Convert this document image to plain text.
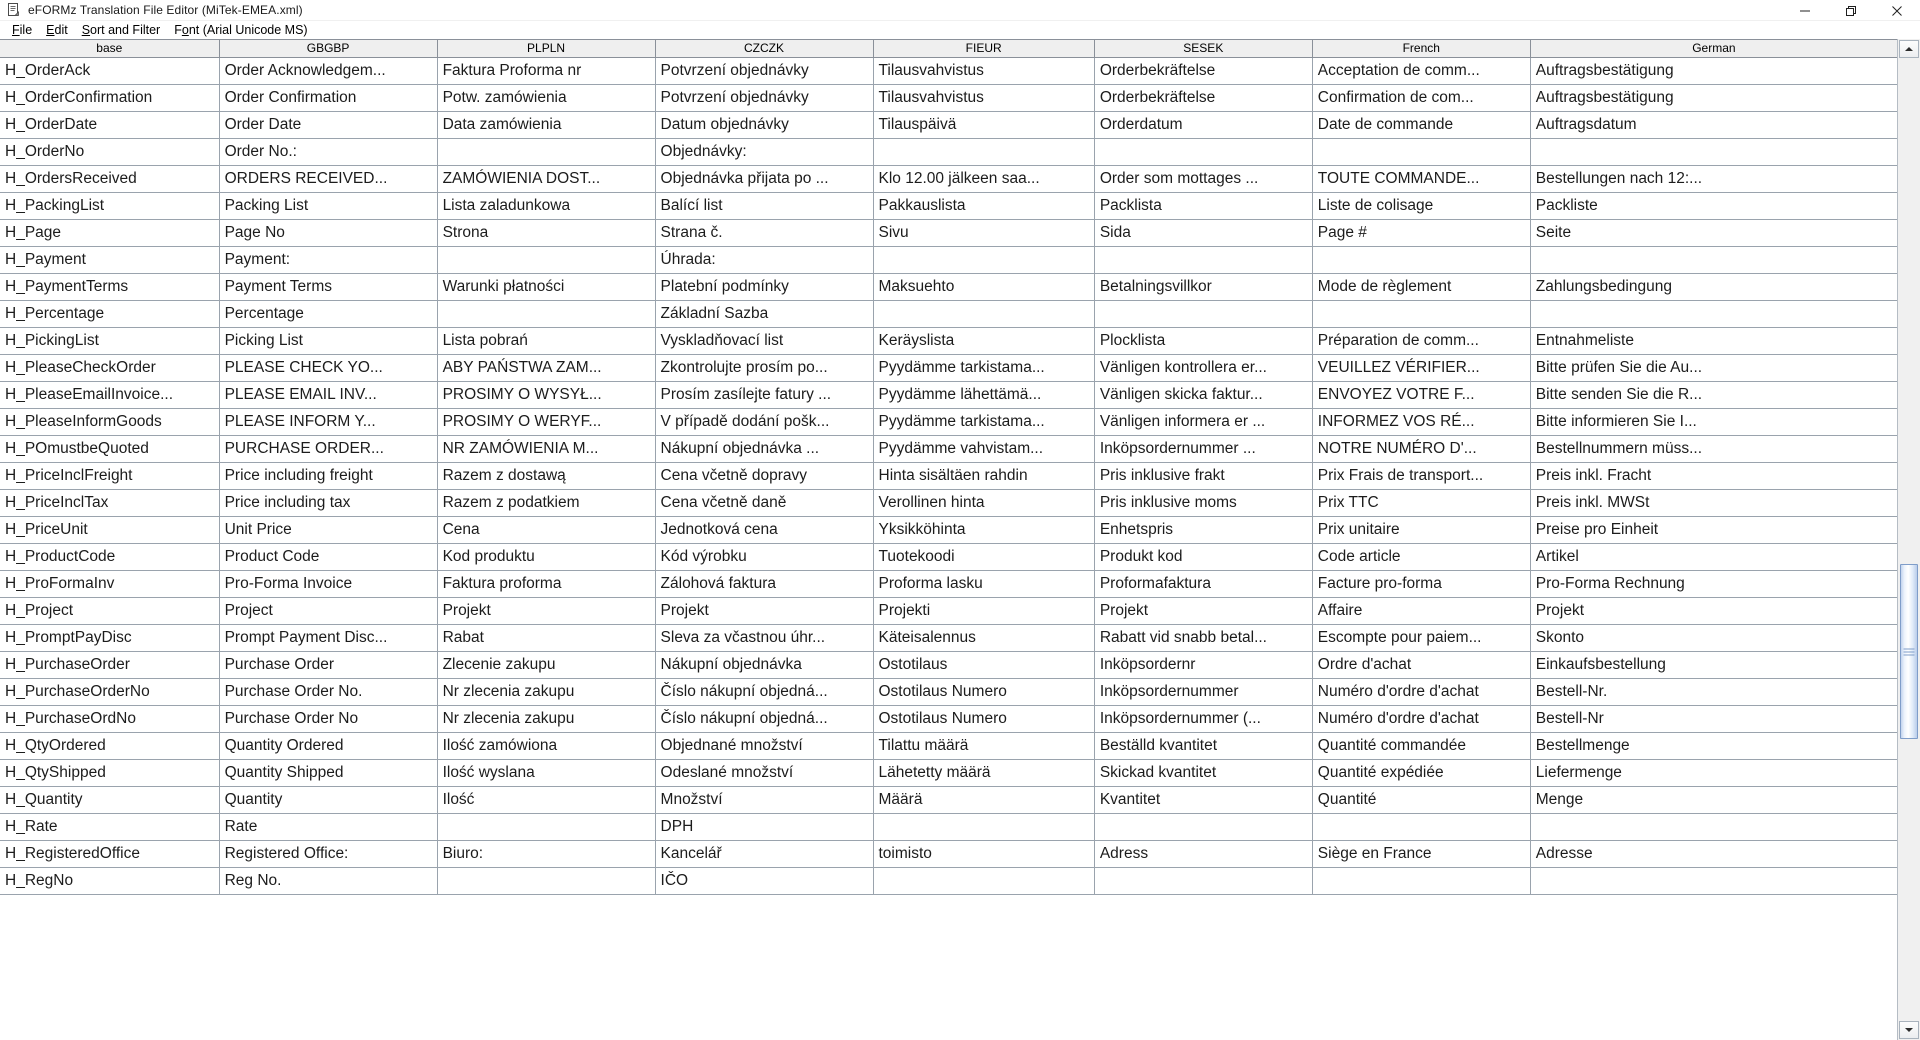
eFORMz Translation File Editor (MiTek-EMEA.xml)
File	Edit	Sort and Filter	Font (Arial Unicode MS)
base	GBGBP	PLPLN	CZCZK	FIEUR	SESEK	French	German
H_OrderAck	Order Acknowledgem...	Faktura Proforma nr	Potvrzení objednávky	Tilausvahvistus	Orderbekräftelse	Acceptation de comm...	Auftragsbestätigung
H_OrderConfirmation	Order Confirmation	Potw. zamówienia	Potvrzení objednávky	Tilausvahvistus	Orderbekräftelse	Confirmation de com...	Auftragsbestätigung
H_OrderDate	Order Date	Data zamówienia	Datum objednávky	Tilauspäivä	Orderdatum	Date de commande	Auftragsdatum
H_OrderNo	Order No.:		Objednávky:				
H_OrdersReceived	ORDERS RECEIVED...	ZAMÓWIENIA DOST...	Objednávka přijata po ...	Klo 12.00 jälkeen saa...	Order som mottages ...	TOUTE COMMANDE...	Bestellungen nach 12:...
H_PackingList	Packing List	Lista zaladunkowa	Balící list	Pakkauslista	Packlista	Liste de colisage	Packliste
H_Page	Page No	Strona	Strana č.	Sivu	Sida	Page #	Seite
H_Payment	Payment:		Úhrada:				
H_PaymentTerms	Payment Terms	Warunki płatności	Platební podmínky	Maksuehto	Betalningsvillkor	Mode de règlement	Zahlungsbedingung
H_Percentage	Percentage		Základní Sazba				
H_PickingList	Picking List	Lista pobrań	Vyskladňovací list	Keräyslista	Plocklista	Préparation de comm...	Entnahmeliste
H_PleaseCheckOrder	PLEASE CHECK YO...	ABY PAŃSTWA ZAM...	Zkontrolujte prosím po...	Pyydämme tarkistama...	Vänligen kontrollera er...	VEUILLEZ VÉRIFIER...	Bitte prüfen Sie die Au...
H_PleaseEmailInvoice...	PLEASE EMAIL INV...	PROSIMY O WYSYŁ...	Prosím zasílejte fatury ...	Pyydämme lähettämä...	Vänligen skicka faktur...	ENVOYEZ VOTRE F...	Bitte senden Sie die R...
H_PleaseInformGoods	PLEASE INFORM Y...	PROSIMY O WERYF...	V případě dodání pošk...	Pyydämme tarkistama...	Vänligen informera er ...	INFORMEZ VOS RÉ...	Bitte informieren Sie I...
H_POmustbeQuoted	PURCHASE ORDER...	NR ZAMÓWIENIA M...	Nákupní objednávka ...	Pyydämme vahvistam...	Inköpsordernummer ...	NOTRE NUMÉRO D'...	Bestellnummern müss...
H_PriceInclFreight	Price including freight	Razem z dostawą	Cena včetně dopravy	Hinta sisältäen rahdin	Pris inklusive frakt	Prix Frais de transport...	Preis inkl. Fracht
H_PriceInclTax	Price including tax	Razem z podatkiem	Cena včetně daně	Verollinen hinta	Pris inklusive moms	Prix TTC	Preis inkl. MWSt
H_PriceUnit	Unit Price	Cena	Jednotková cena	Yksikköhinta	Enhetspris	Prix unitaire	Preise pro Einheit
H_ProductCode	Product Code	Kod produktu	Kód výrobku	Tuotekoodi	Produkt kod	Code article	Artikel
H_ProFormaInv	Pro-Forma Invoice	Faktura proforma	Zálohová faktura	Proforma lasku	Proformafaktura	Facture pro-forma	Pro-Forma Rechnung
H_Project	Project	Projekt	Projekt	Projekti	Projekt	Affaire	Projekt
H_PromptPayDisc	Prompt Payment Disc...	Rabat	Sleva za včastnou úhr...	Käteisalennus	Rabatt vid snabb betal...	Escompte pour paiem...	Skonto
H_PurchaseOrder	Purchase Order	Zlecenie zakupu	Nákupní objednávka	Ostotilaus	Inköpsordernr	Ordre d'achat	Einkaufsbestellung
H_PurchaseOrderNo	Purchase Order No.	Nr zlecenia zakupu	Číslo nákupní objedná...	Ostotilaus Numero	Inköpsordernummer	Numéro d'ordre d'achat	Bestell-Nr.
H_PurchaseOrdNo	Purchase Order No	Nr zlecenia zakupu	Číslo nákupní objedná...	Ostotilaus Numero	Inköpsordernummer (...	Numéro d'ordre d'achat	Bestell-Nr
H_QtyOrdered	Quantity Ordered	Ilość zamówiona	Objednané množství	Tilattu määrä	Beställd kvantitet	Quantité commandée	Bestellmenge
H_QtyShipped	Quantity Shipped	Ilość wyslana	Odeslané množství	Lähetetty määrä	Skickad kvantitet	Quantité expédiée	Liefermenge
H_Quantity	Quantity	Ilość	Množství	Määrä	Kvantitet	Quantité	Menge
H_Rate	Rate		DPH				
H_RegisteredOffice	Registered Office:	Biuro:	Kancelář	toimisto	Adress	Siège en France	Adresse
H_RegNo	Reg No.		IČO				
